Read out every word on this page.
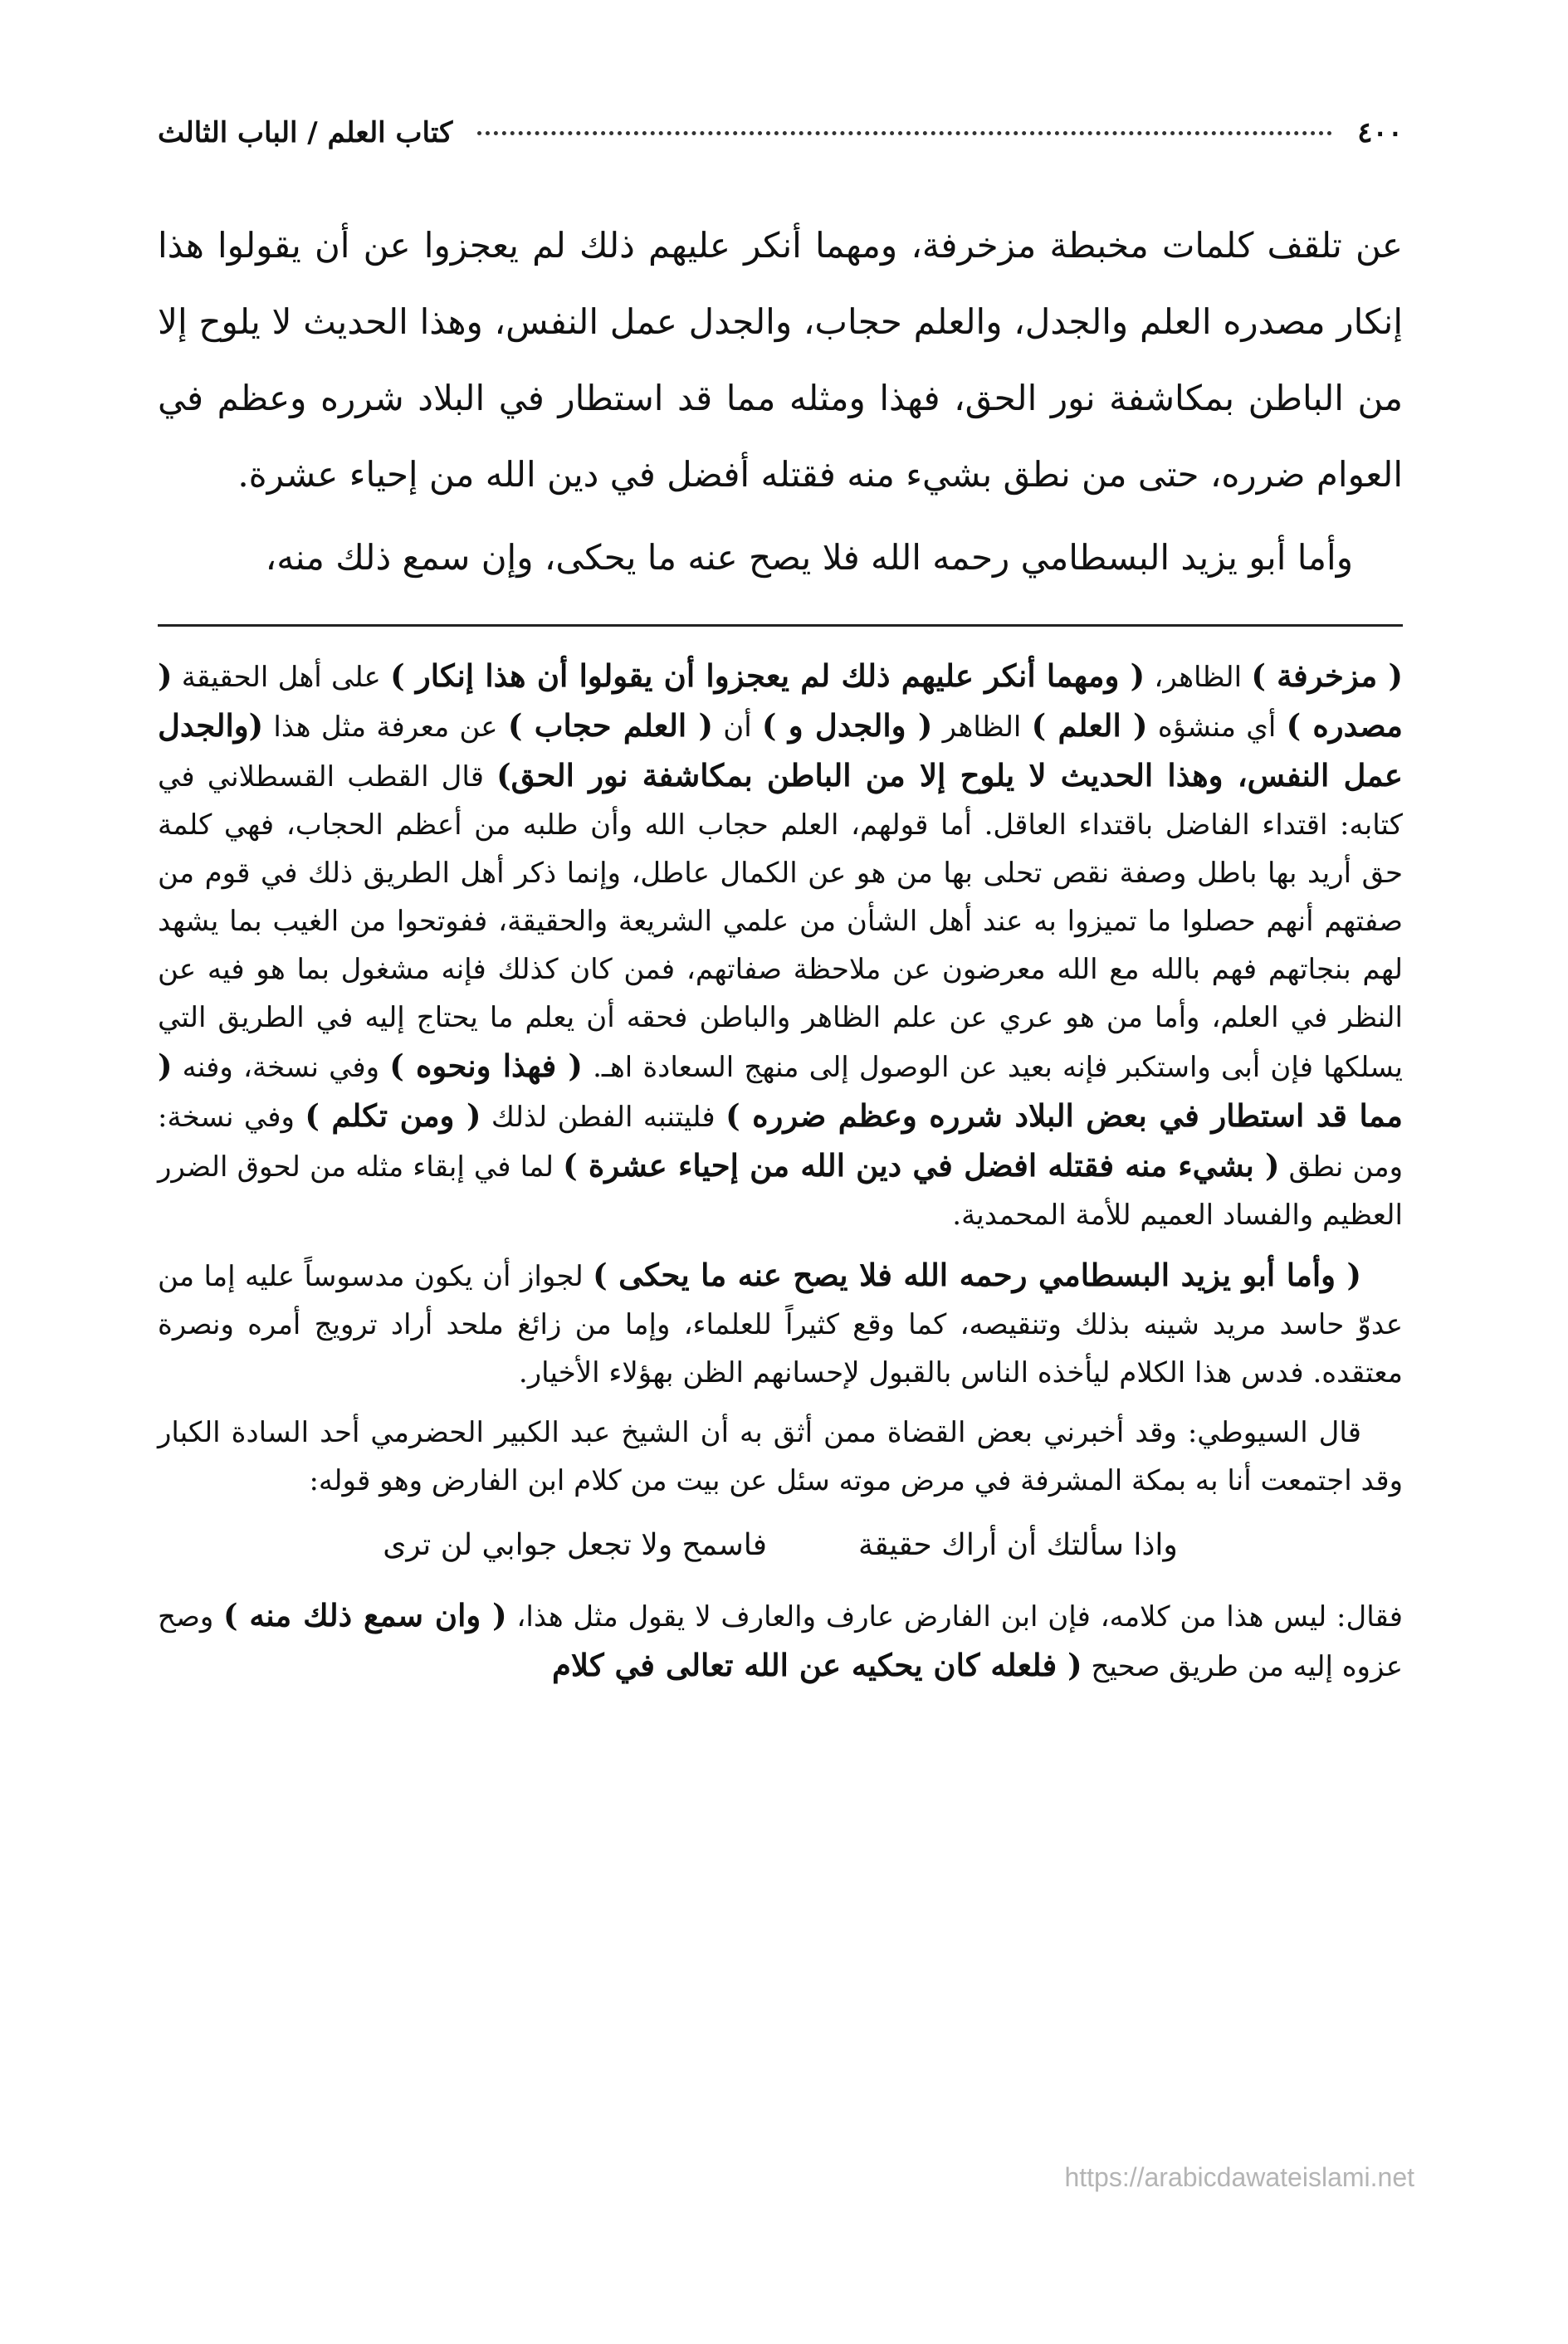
٤٠٠
كتاب العلم / الباب الثالث

عن تلقف كلمات مخبطة مزخرفة، ومهما أنكر عليهم ذلك لم يعجزوا عن أن يقولوا هذا إنكار مصدره العلم والجدل، والعلم حجاب، والجدل عمل النفس، وهذا الحديث لا يلوح إلا من الباطن بمكاشفة نور الحق، فهذا ومثله مما قد استطار في البلاد شرره وعظم في العوام ضرره، حتى من نطق بشيء منه فقتله أفضل في دين الله من إحياء عشرة.

وأما أبو يزيد البسطامي رحمه الله فلا يصح عنه ما يحكى، وإن سمع ذلك منه،

( مزخرفة ) الظاهر، ( ومهما أنكر عليهم ذلك لم يعجزوا أن يقولوا أن هذا إنكار ) على أهل الحقيقة ( مصدره ) أي منشؤه ( العلم ) الظاهر ( والجدل و ) أن ( العلم حجاب ) عن معرفة مثل هذا (والجدل عمل النفس، وهذا الحديث لا يلوح إلا من الباطن بمكاشفة نور الحق) قال القطب القسطلاني في كتابه: اقتداء الفاضل باقتداء العاقل. أما قولهم، العلم حجاب الله وأن طلبه من أعظم الحجاب، فهي كلمة حق أريد بها باطل وصفة نقص تحلى بها من هو عن الكمال عاطل، وإنما ذكر أهل الطريق ذلك في قوم من صفتهم أنهم حصلوا ما تميزوا به عند أهل الشأن من علمي الشريعة والحقيقة، ففوتحوا من الغيب بما يشهد لهم بنجاتهم فهم بالله مع الله معرضون عن ملاحظة صفاتهم، فمن كان كذلك فإنه مشغول بما هو فيه عن النظر في العلم، وأما من هو عري عن علم الظاهر والباطن فحقه أن يعلم ما يحتاج إليه في الطريق التي يسلكها فإن أبى واستكبر فإنه بعيد عن الوصول إلى منهج السعادة اهـ. ( فهذا ونحوه ) وفي نسخة، وفنه ( مما قد استطار في بعض البلاد شرره وعظم ضرره ) فليتنبه الفطن لذلك ( ومن تكلم ) وفي نسخة: ومن نطق ( بشيء منه فقتله افضل في دين الله من إحياء عشرة ) لما في إبقاء مثله من لحوق الضرر العظيم والفساد العميم للأمة المحمدية.

( وأما أبو يزيد البسطامي رحمه الله فلا يصح عنه ما يحكى ) لجواز أن يكون مدسوساً عليه إما من عدوّ حاسد مريد شينه بذلك وتنقيصه، كما وقع كثيراً للعلماء، وإما من زائغ ملحد أراد ترويج أمره ونصرة معتقده. فدس هذا الكلام ليأخذه الناس بالقبول لإحسانهم الظن بهؤلاء الأخيار.

قال السيوطي: وقد أخبرني بعض القضاة ممن أثق به أن الشيخ عبد الكبير الحضرمي أحد السادة الكبار وقد اجتمعت أنا به بمكة المشرفة في مرض موته سئل عن بيت من كلام ابن الفارض وهو قوله:

واذا سألتك أن أراك حقيقة
فاسمح ولا تجعل جوابي لن ترى

فقال: ليس هذا من كلامه، فإن ابن الفارض عارف والعارف لا يقول مثل هذا، ( وان سمع ذلك منه ) وصح عزوه إليه من طريق صحيح ( فلعله كان يحكيه عن الله تعالى في كلام

https://arabicdawateislami.net
